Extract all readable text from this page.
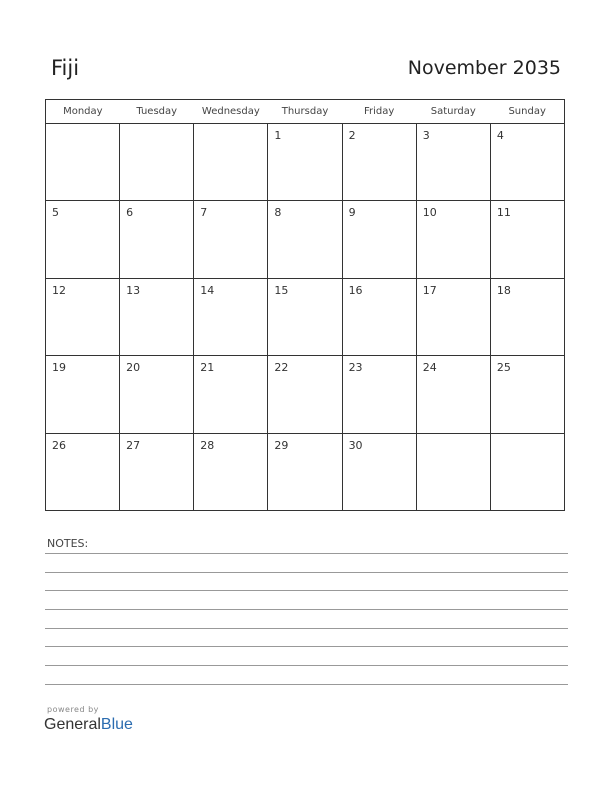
Fiji	November 2035
Monday	Tuesday	Wednesday	Thursday	Friday	Saturday	Sunday

			1	2	3	4

5	6	7	8	9	10	11

12	13	14	15	16	17	18

19	20	21	22	23	24	25

26	27	28	29	30		

NOTES:
powered by
GeneralBlue
